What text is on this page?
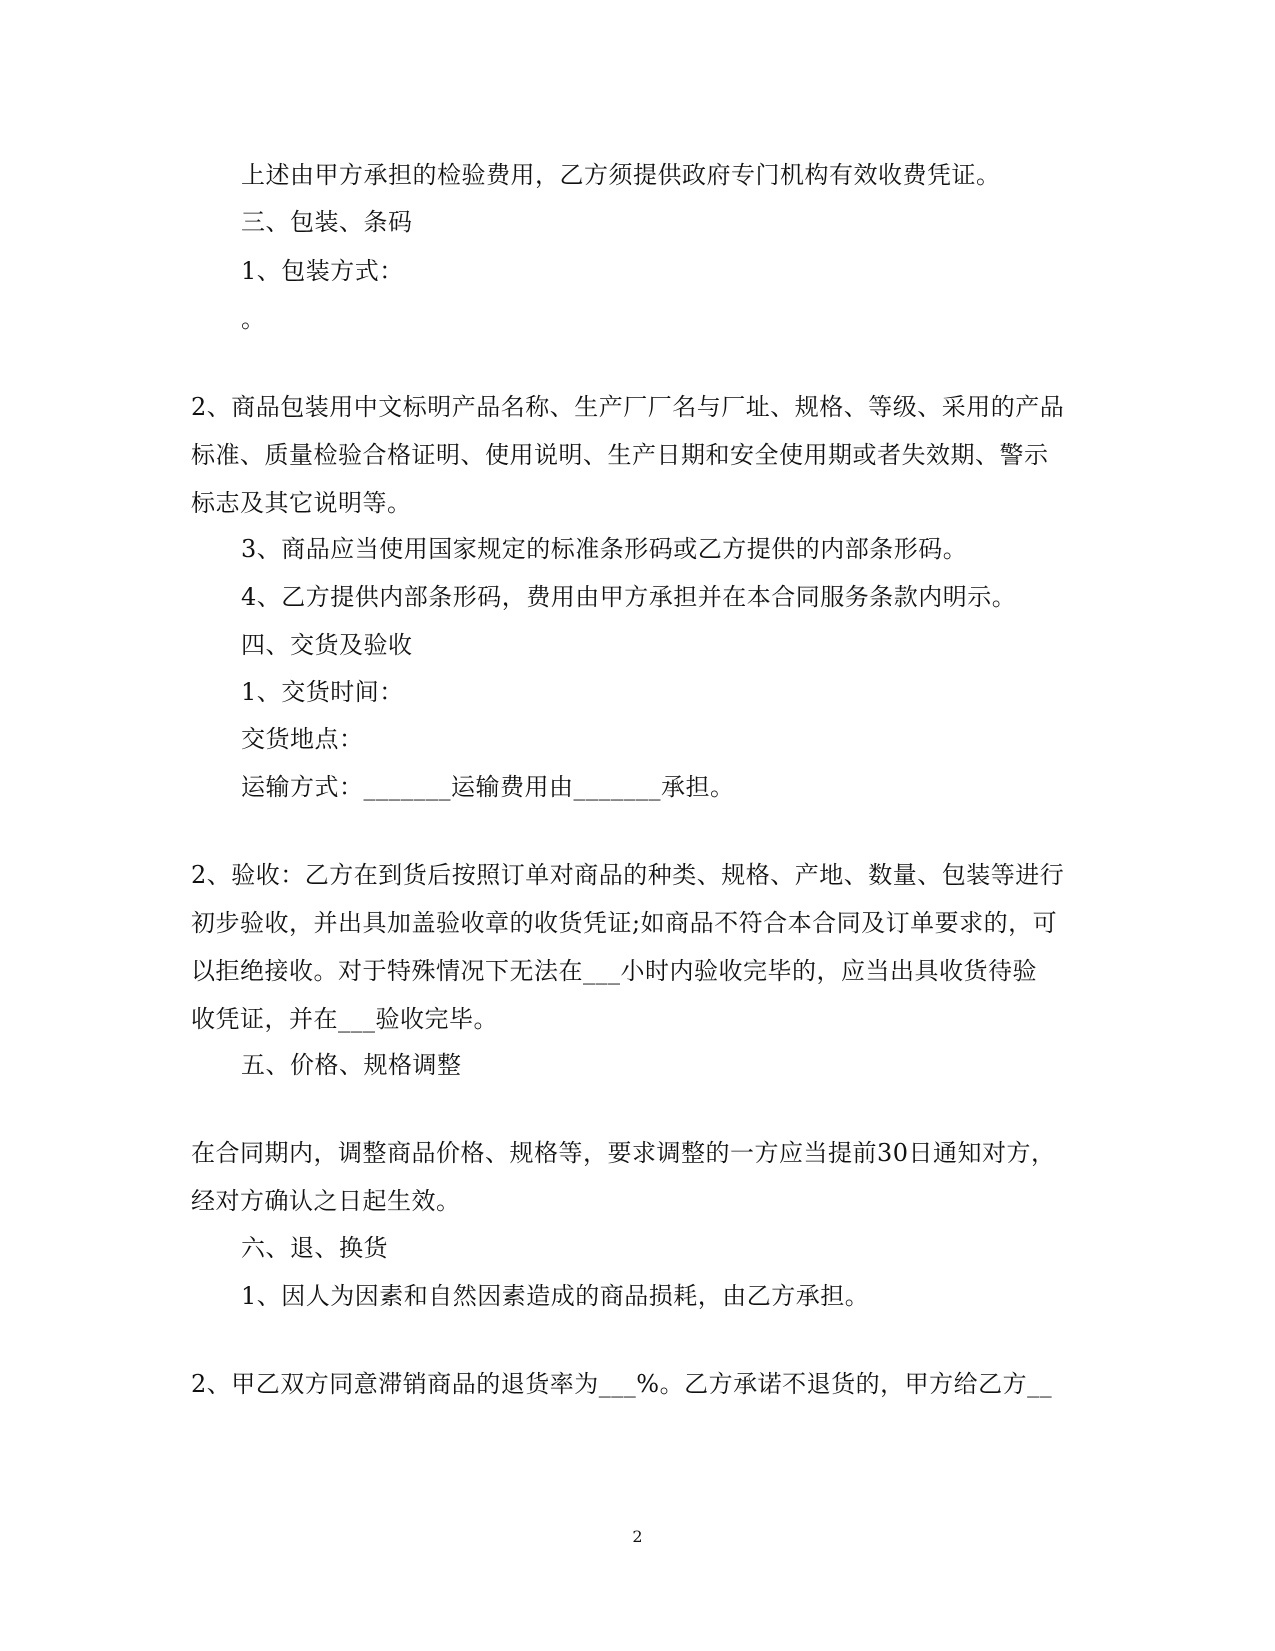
上述由甲方承担的检验费用，乙方须提供政府专门机构有效收费凭证。
三、包装、条码
1、包装方式：
。
2、商品包装用中文标明产品名称、生产厂厂名与厂址、规格、等级、采用的产品
标准、质量检验合格证明、使用说明、生产日期和安全使用期或者失效期、警示
标志及其它说明等。
3、商品应当使用国家规定的标准条形码或乙方提供的内部条形码。
4、乙方提供内部条形码，费用由甲方承担并在本合同服务条款内明示。
四、交货及验收
1、交货时间：
交货地点：
运输方式：_______运输费用由_______承担。
2、验收：乙方在到货后按照订单对商品的种类、规格、产地、数量、包装等进行
初步验收，并出具加盖验收章的收货凭证;如商品不符合本合同及订单要求的，可
以拒绝接收。对于特殊情况下无法在___小时内验收完毕的，应当出具收货待验
收凭证，并在___验收完毕。
五、价格、规格调整
在合同期内，调整商品价格、规格等，要求调整的一方应当提前30日通知对方，
经对方确认之日起生效。
六、退、换货
1、因人为因素和自然因素造成的商品损耗，由乙方承担。
2、甲乙双方同意滞销商品的退货率为___%。乙方承诺不退货的，甲方给乙方__
2
